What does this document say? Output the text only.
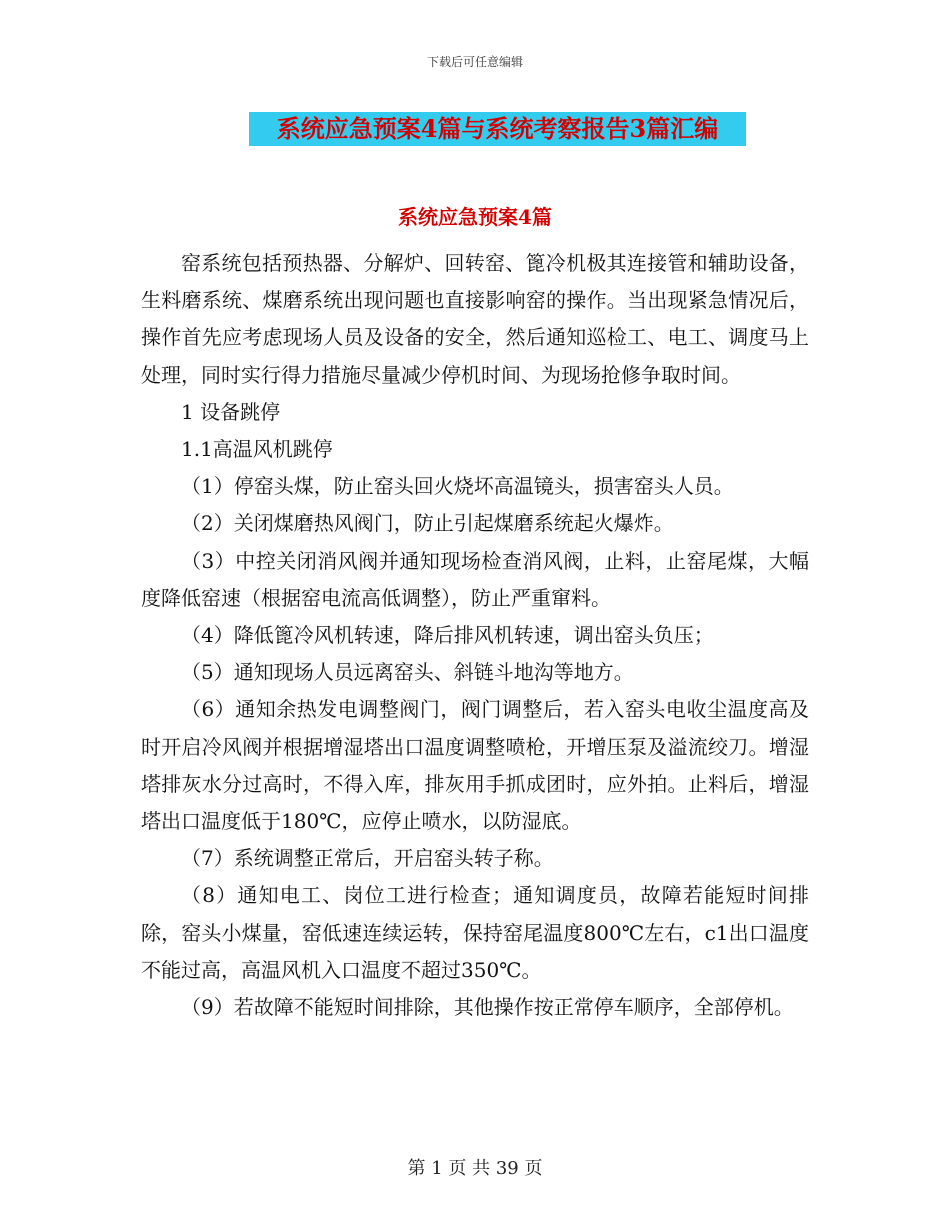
下载后可任意编辑
系统应急预案4篇与系统考察报告3篇汇编
系统应急预案4篇

窑系统包括预热器、分解炉、回转窑、篦冷机极其连接管和辅助设备，生料磨系统、煤磨系统出现问题也直接影响窑的操作。当出现紧急情况后，操作首先应考虑现场人员及设备的安全，然后通知巡检工、电工、调度马上处理，同时实行得力措施尽量减少停机时间、为现场抢修争取时间。

1 设备跳停

1.1高温风机跳停

（1）停窑头煤，防止窑头回火烧坏高温镜头，损害窑头人员。

（2）关闭煤磨热风阀门，防止引起煤磨系统起火爆炸。

（3）中控关闭消风阀并通知现场检查消风阀，止料，止窑尾煤，大幅度降低窑速（根据窑电流高低调整），防止严重窜料。

（4）降低篦冷风机转速，降后排风机转速，调出窑头负压；

（5）通知现场人员远离窑头、斜链斗地沟等地方。

（6）通知余热发电调整阀门，阀门调整后，若入窑头电收尘温度高及时开启冷风阀并根据增湿塔出口温度调整喷枪，开增压泵及溢流绞刀。增湿塔排灰水分过高时，不得入库，排灰用手抓成团时，应外拍。止料后，增湿塔出口温度低于180℃，应停止喷水，以防湿底。

（7）系统调整正常后，开启窑头转子称。

（8）通知电工、岗位工进行检查；通知调度员，故障若能短时间排除，窑头小煤量，窑低速连续运转，保持窑尾温度800℃左右，c1出口温度不能过高，高温风机入口温度不超过350℃。

（9）若故障不能短时间排除，其他操作按正常停车顺序，全部停机。

第 1 页 共 39 页
